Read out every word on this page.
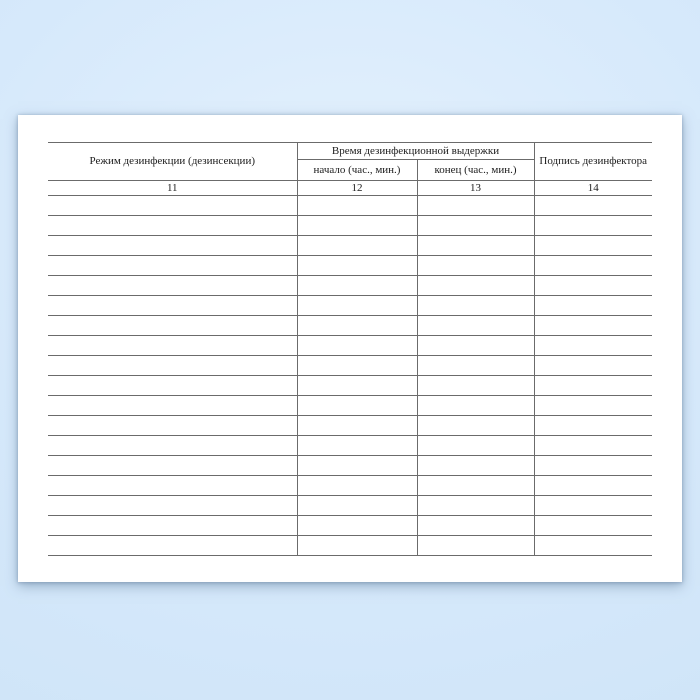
Режим дезинфекции (дезинсекции)	Время дезинфекционной выдержки		Подпись дезинфектора
	начало (час., мин.)	конец (час., мин.)	
11	12	13	14
